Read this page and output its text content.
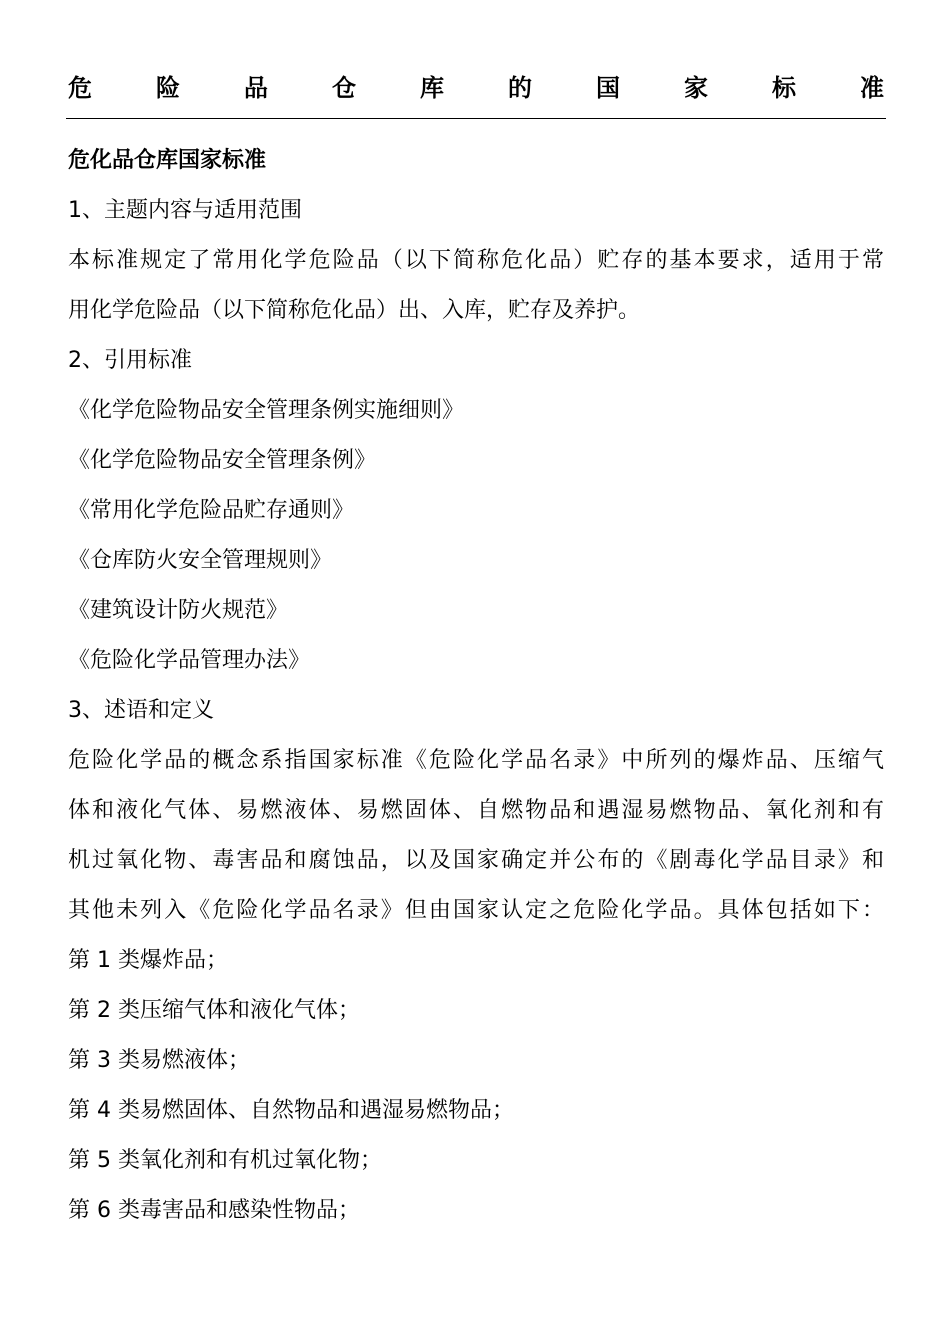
危	险	品	仓	库	的	国	家	标	准
危化品仓库国家标准
1、主题内容与适用范围
本标准规定了常用化学危险品（以下简称危化品）贮存的基本要求，适用于常
用化学危险品（以下简称危化品）出、入库，贮存及养护。
2、引用标准
《化学危险物品安全管理条例实施细则》
《化学危险物品安全管理条例》
《常用化学危险品贮存通则》
《仓库防火安全管理规则》
《建筑设计防火规范》
《危险化学品管理办法》
3、述语和定义
危险化学品的概念系指国家标准《危险化学品名录》中所列的爆炸品、压缩气
体和液化气体、易燃液体、易燃固体、自燃物品和遇湿易燃物品、氧化剂和有
机过氧化物、毒害品和腐蚀品，以及国家确定并公布的《剧毒化学品目录》和
其他未列入《危险化学品名录》但由国家认定之危险化学品。具体包括如下：
第 1 类爆炸品；
第 2 类压缩气体和液化气体；
第 3 类易燃液体；
第 4 类易燃固体、自然物品和遇湿易燃物品；
第 5 类氧化剂和有机过氧化物；
第 6 类毒害品和感染性物品；
